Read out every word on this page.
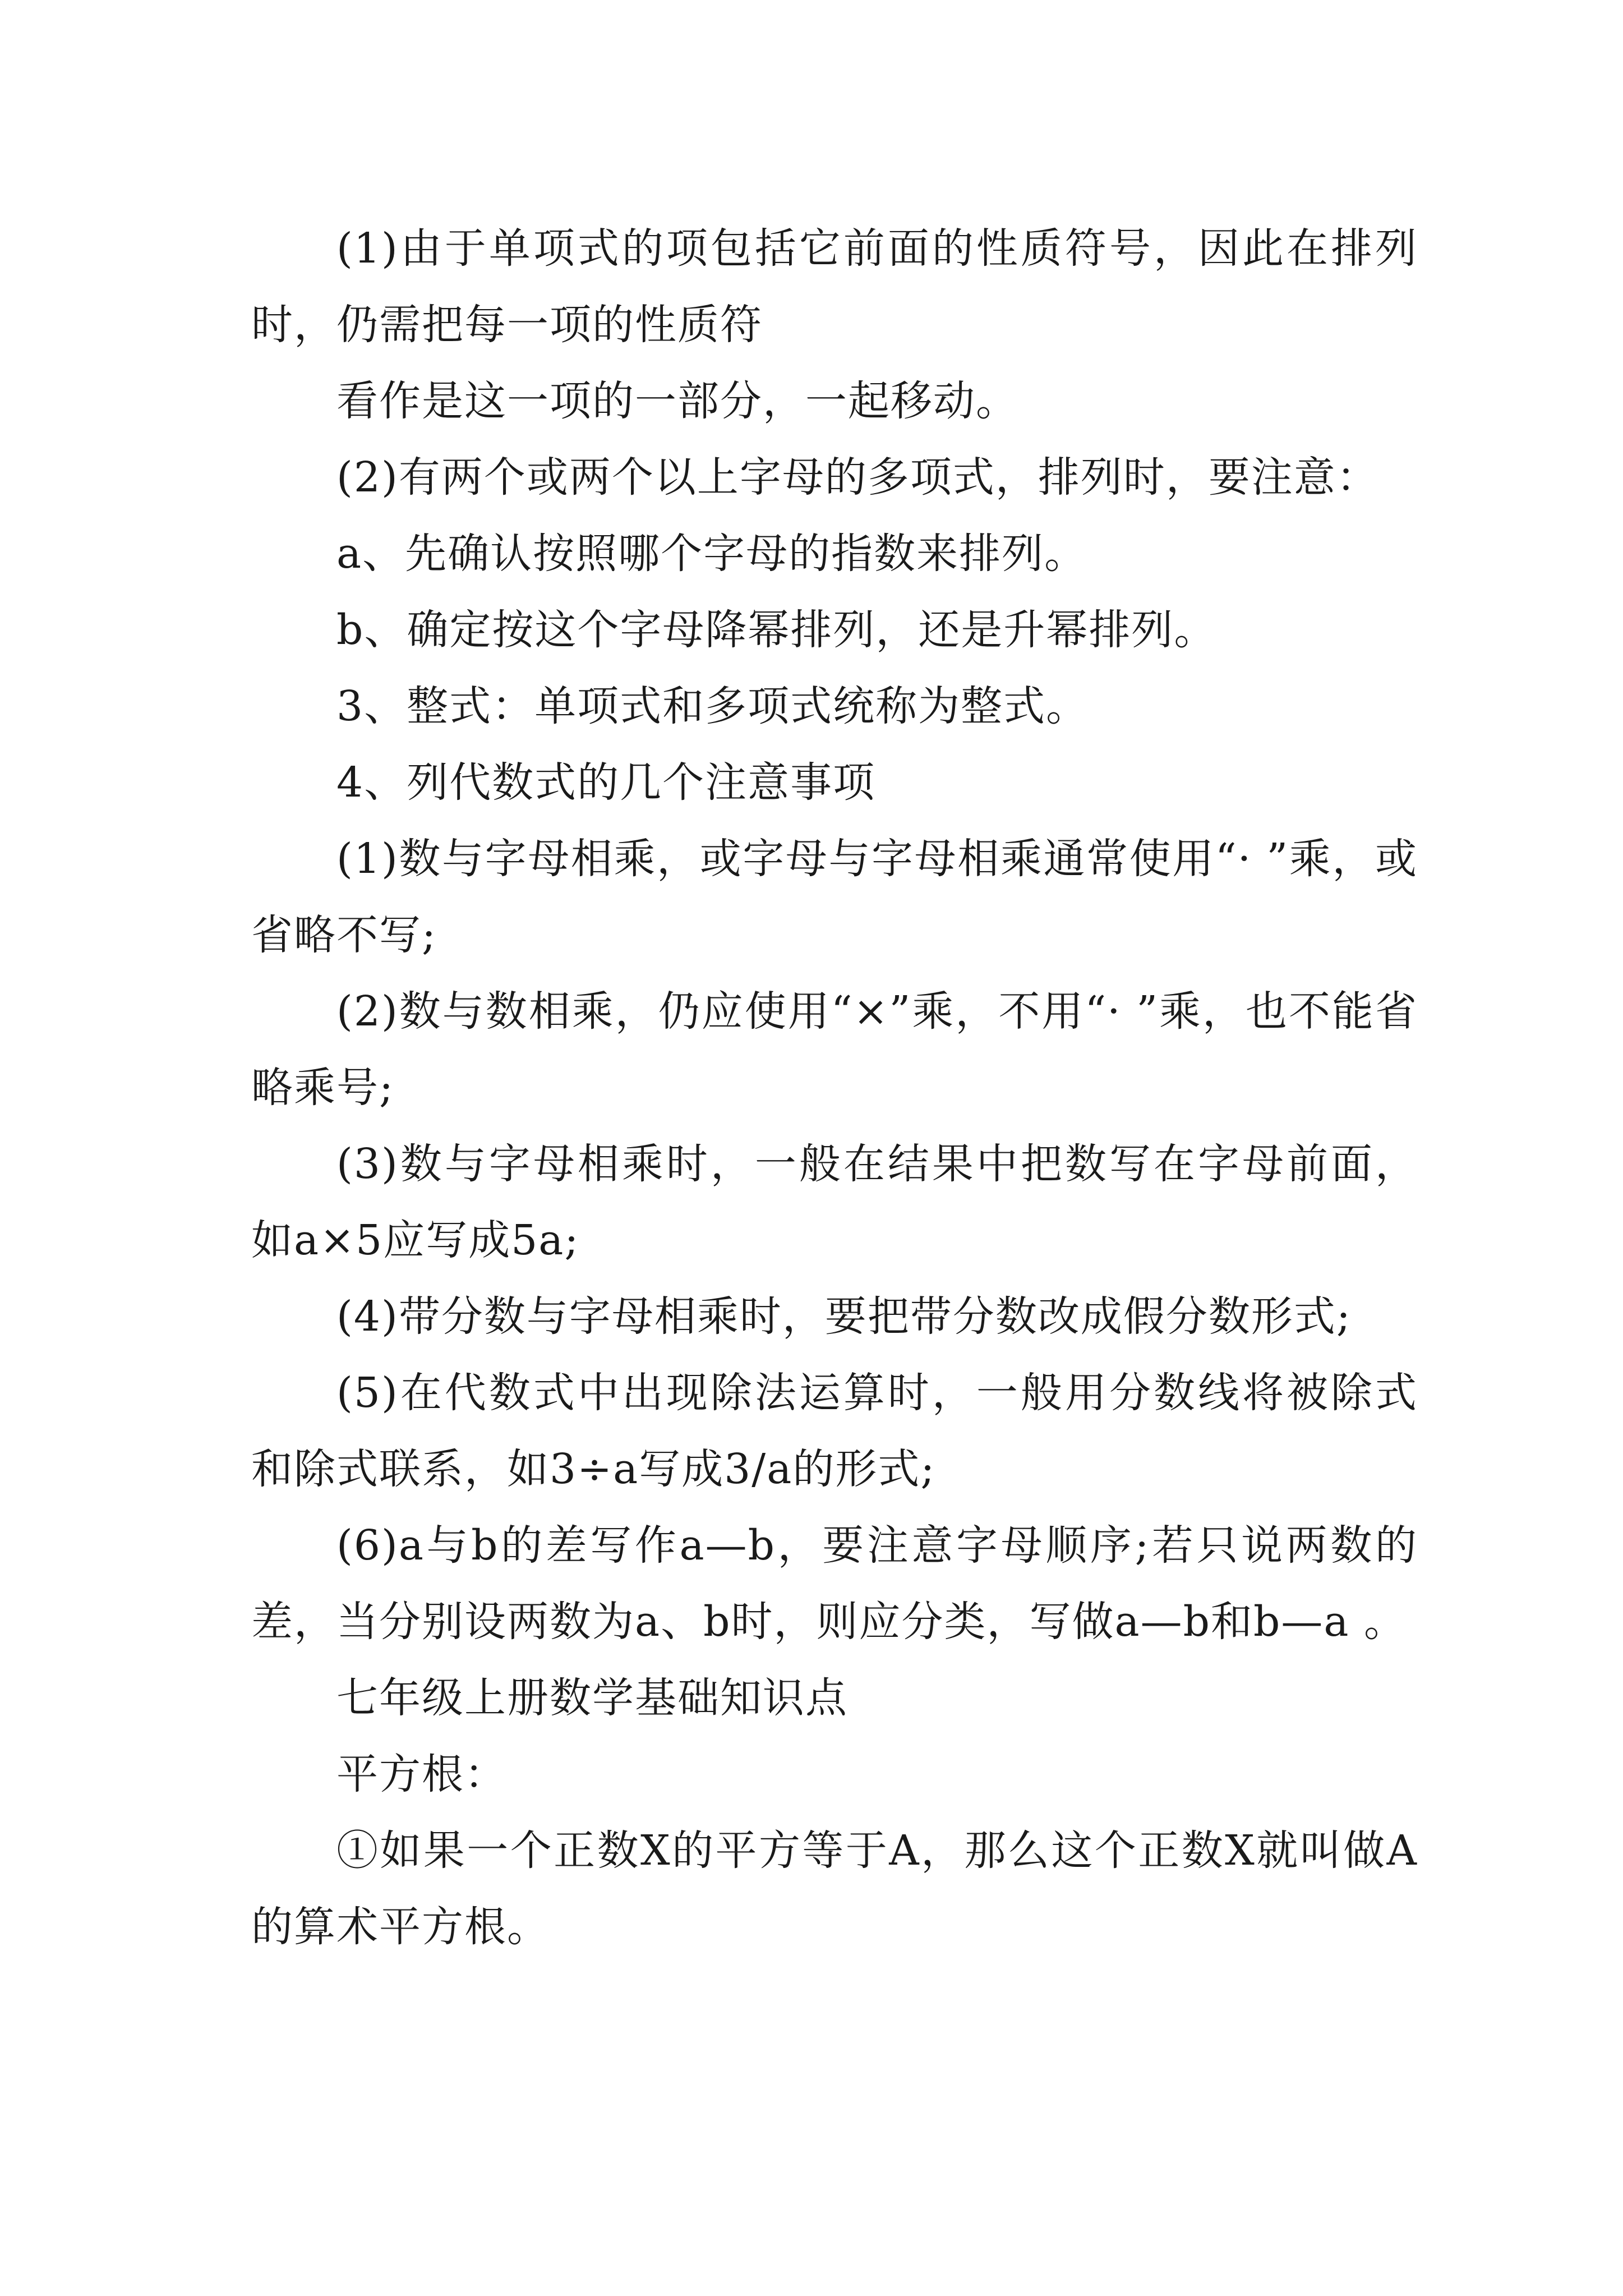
(1)由于单项式的项包括它前面的性质符号，因此在排列时，仍需把每一项的性质符

看作是这一项的一部分，一起移动。

(2)有两个或两个以上字母的多项式，排列时，要注意：

a、先确认按照哪个字母的指数来排列。

b、确定按这个字母降幂排列，还是升幂排列。

3、整式：单项式和多项式统称为整式。

4、列代数式的几个注意事项

(1)数与字母相乘，或字母与字母相乘通常使用“· ”乘，或省略不写;

(2)数与数相乘，仍应使用“×”乘，不用“· ”乘，也不能省略乘号;

(3)数与字母相乘时，一般在结果中把数写在字母前面，如a×5应写成5a;

(4)带分数与字母相乘时，要把带分数改成假分数形式;

(5)在代数式中出现除法运算时，一般用分数线将被除式和除式联系，如3÷a写成3/a的形式;

(6)a与b的差写作a—b，要注意字母顺序;若只说两数的差，当分别设两数为a、b时，则应分类，写做a—b和b—a 。

七年级上册数学基础知识点

平方根：

①如果一个正数X的平方等于A，那么这个正数X就叫做A的算术平方根。
